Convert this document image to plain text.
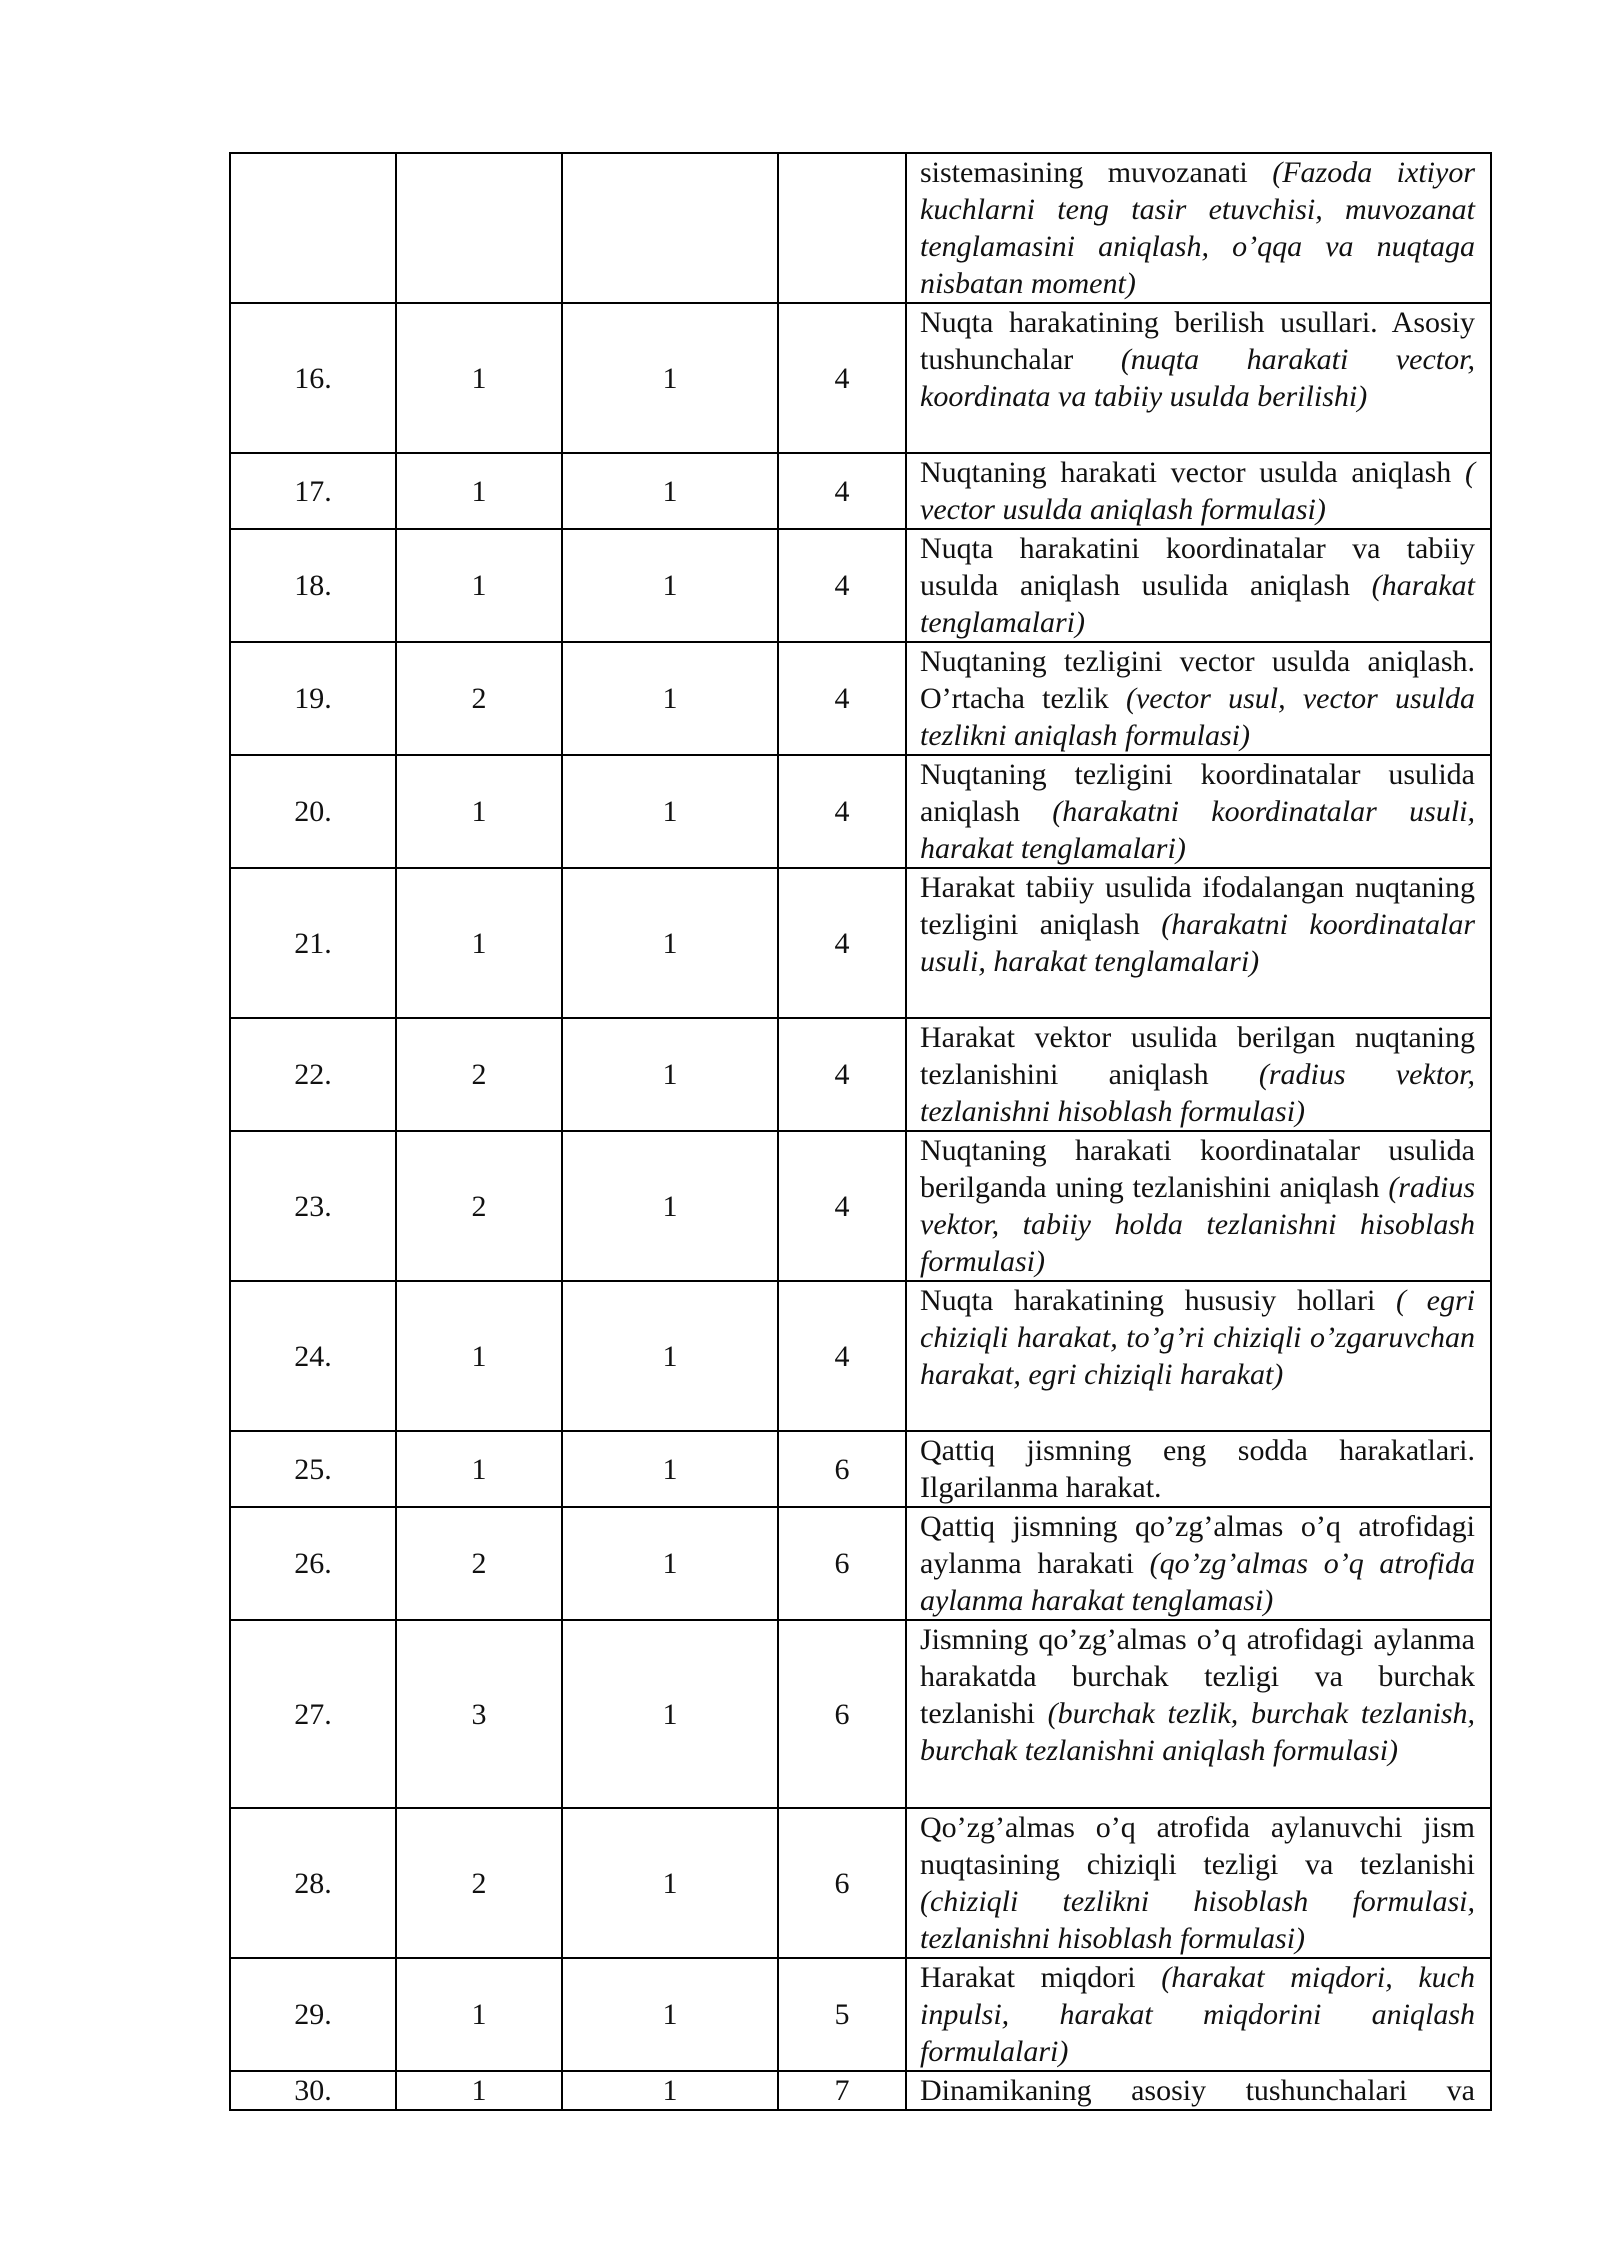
				sistemasining muvozanati (Fazoda ixtiyor kuchlarni teng tasir etuvchisi, muvozanat tenglamasini aniqlash, o’qqa va nuqtaga nisbatan moment)
16.	1	1	4	Nuqta harakatining berilish usullari. Asosiy tushunchalar (nuqta harakati vector, koordinata va tabiiy usulda berilishi)
17.	1	1	4	Nuqtaning harakati vector usulda aniqlash ( vector usulda aniqlash formulasi)
18.	1	1	4	Nuqta harakatini koordinatalar va tabiiy usulda aniqlash usulida aniqlash (harakat tenglamalari)
19.	2	1	4	Nuqtaning tezligini vector usulda aniqlash. O’rtacha tezlik (vector usul, vector usulda tezlikni aniqlash formulasi)
20.	1	1	4	Nuqtaning tezligini koordinatalar usulida aniqlash (harakatni koordinatalar usuli, harakat tenglamalari)
21.	1	1	4	Harakat tabiiy usulida ifodalangan nuqtaning tezligini aniqlash (harakatni koordinatalar usuli, harakat tenglamalari)
22.	2	1	4	Harakat vektor usulida berilgan nuqtaning tezlanishini aniqlash (radius vektor, tezlanishni hisoblash formulasi)
23.	2	1	4	Nuqtaning harakati koordinatalar usulida berilganda uning tezlanishini aniqlash (radius vektor, tabiiy holda tezlanishni hisoblash formulasi)
24.	1	1	4	Nuqta harakatining hususiy hollari ( egri chiziqli harakat, to’g’ri chiziqli o’zgaruvchan harakat, egri chiziqli harakat)
25.	1	1	6	Qattiq jismning eng sodda harakatlari. Ilgarilanma harakat.
26.	2	1	6	Qattiq jismning qo’zg’almas o’q atrofidagi aylanma harakati (qo’zg’almas o’q atrofida aylanma harakat tenglamasi)
27.	3	1	6	Jismning qo’zg’almas o’q atrofidagi aylanma harakatda burchak tezligi va burchak tezlanishi (burchak tezlik, burchak tezlanish, burchak tezlanishni aniqlash formulasi)
28.	2	1	6	Qo’zg’almas o’q atrofida aylanuvchi jism nuqtasining chiziqli tezligi va tezlanishi (chiziqli tezlikni hisoblash formulasi, tezlanishni hisoblash formulasi)
29.	1	1	5	Harakat miqdori (harakat miqdori, kuch inpulsi, harakat miqdorini aniqlash formulalari)
30.	1	1	7	Dinamikaning asosiy tushunchalari va
